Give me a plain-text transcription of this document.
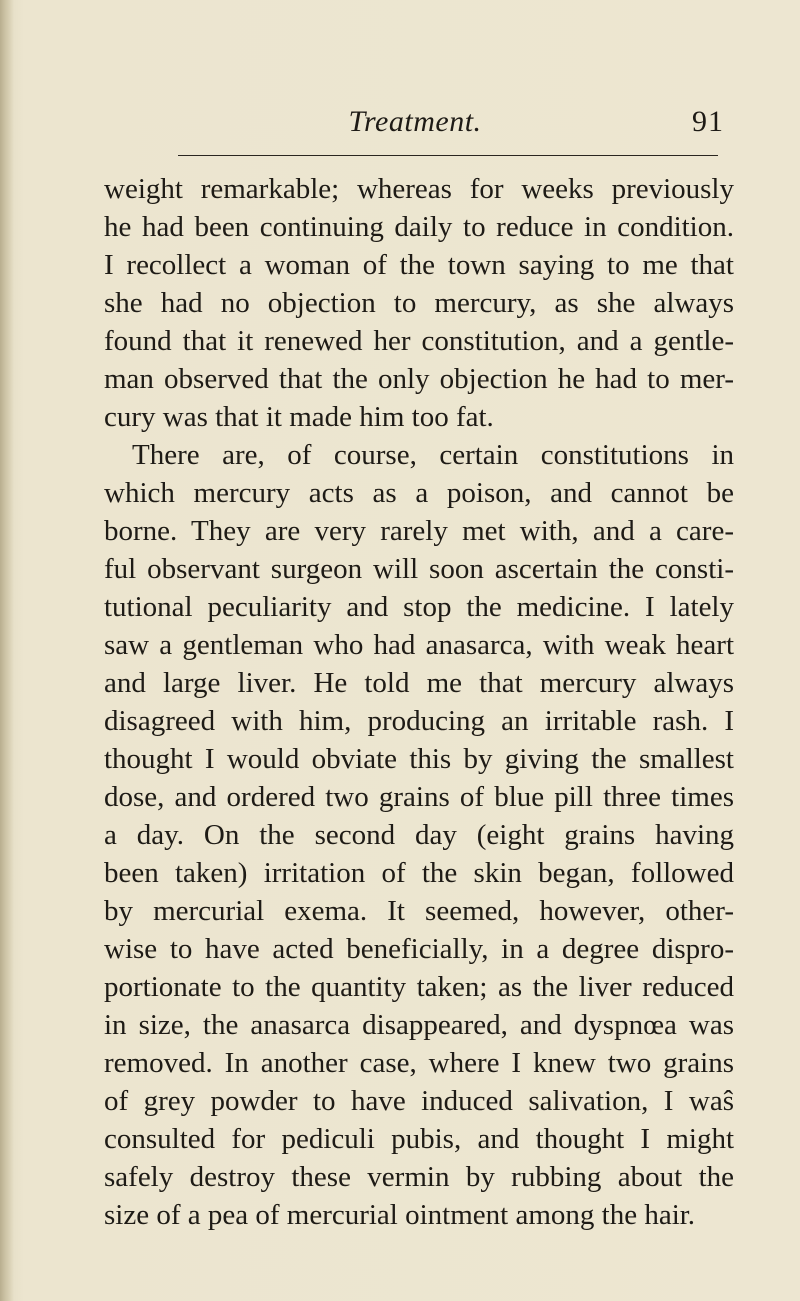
Treatment.	91
weight remarkable; whereas for weeks previously
he had been continuing daily to reduce in condition.
I recollect a woman of the town saying to me that
she had no objection to mercury, as she always
found that it renewed her constitution, and a gentle-
man observed that the only objection he had to mer-
cury was that it made him too fat.
There are, of course, certain constitutions in
which mercury acts as a poison, and cannot be
borne. They are very rarely met with, and a care-
ful observant surgeon will soon ascertain the consti-
tutional peculiarity and stop the medicine. I lately
saw a gentleman who had anasarca, with weak heart
and large liver. He told me that mercury always
disagreed with him, producing an irritable rash. I
thought I would obviate this by giving the smallest
dose, and ordered two grains of blue pill three times
a day. On the second day (eight grains having
been taken) irritation of the skin began, followed
by mercurial exema. It seemed, however, other-
wise to have acted beneficially, in a degree dispro-
portionate to the quantity taken; as the liver reduced
in size, the anasarca disappeared, and dyspnœa was
removed. In another case, where I knew two grains
of grey powder to have induced salivation, I waŝ
consulted for pediculi pubis, and thought I might
safely destroy these vermin by rubbing about the
size of a pea of mercurial ointment among the hair.
